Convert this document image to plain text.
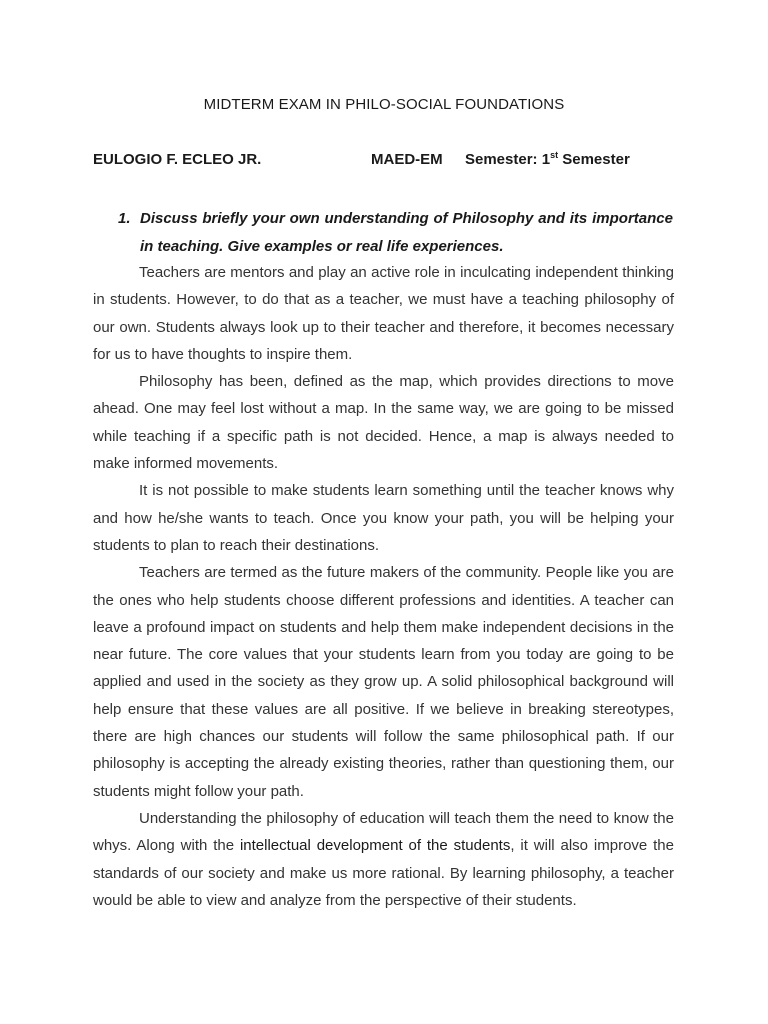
MIDTERM EXAM IN PHILO-SOCIAL FOUNDATIONS
EULOGIO F. ECLEO JR.	MAED-EM Semester: 1st Semester
1. Discuss briefly your own understanding of Philosophy and its importance in teaching. Give examples or real life experiences.

Teachers are mentors and play an active role in inculcating independent thinking in students. However, to do that as a teacher, we must have a teaching philosophy of our own. Students always look up to their teacher and therefore, it becomes necessary for us to have thoughts to inspire them.

Philosophy has been, defined as the map, which provides directions to move ahead. One may feel lost without a map. In the same way, we are going to be missed while teaching if a specific path is not decided. Hence, a map is always needed to make informed movements.

It is not possible to make students learn something until the teacher knows why and how he/she wants to teach. Once you know your path, you will be helping your students to plan to reach their destinations.

Teachers are termed as the future makers of the community. People like you are the ones who help students choose different professions and identities. A teacher can leave a profound impact on students and help them make independent decisions in the near future. The core values that your students learn from you today are going to be applied and used in the society as they grow up. A solid philosophical background will help ensure that these values are all positive. If we believe in breaking stereotypes, there are high chances our students will follow the same philosophical path. If our philosophy is accepting the already existing theories, rather than questioning them, our students might follow your path.

Understanding the philosophy of education will teach them the need to know the whys. Along with the intellectual development of the students, it will also improve the standards of our society and make us more rational. By learning philosophy, a teacher would be able to view and analyze from the perspective of their students.
